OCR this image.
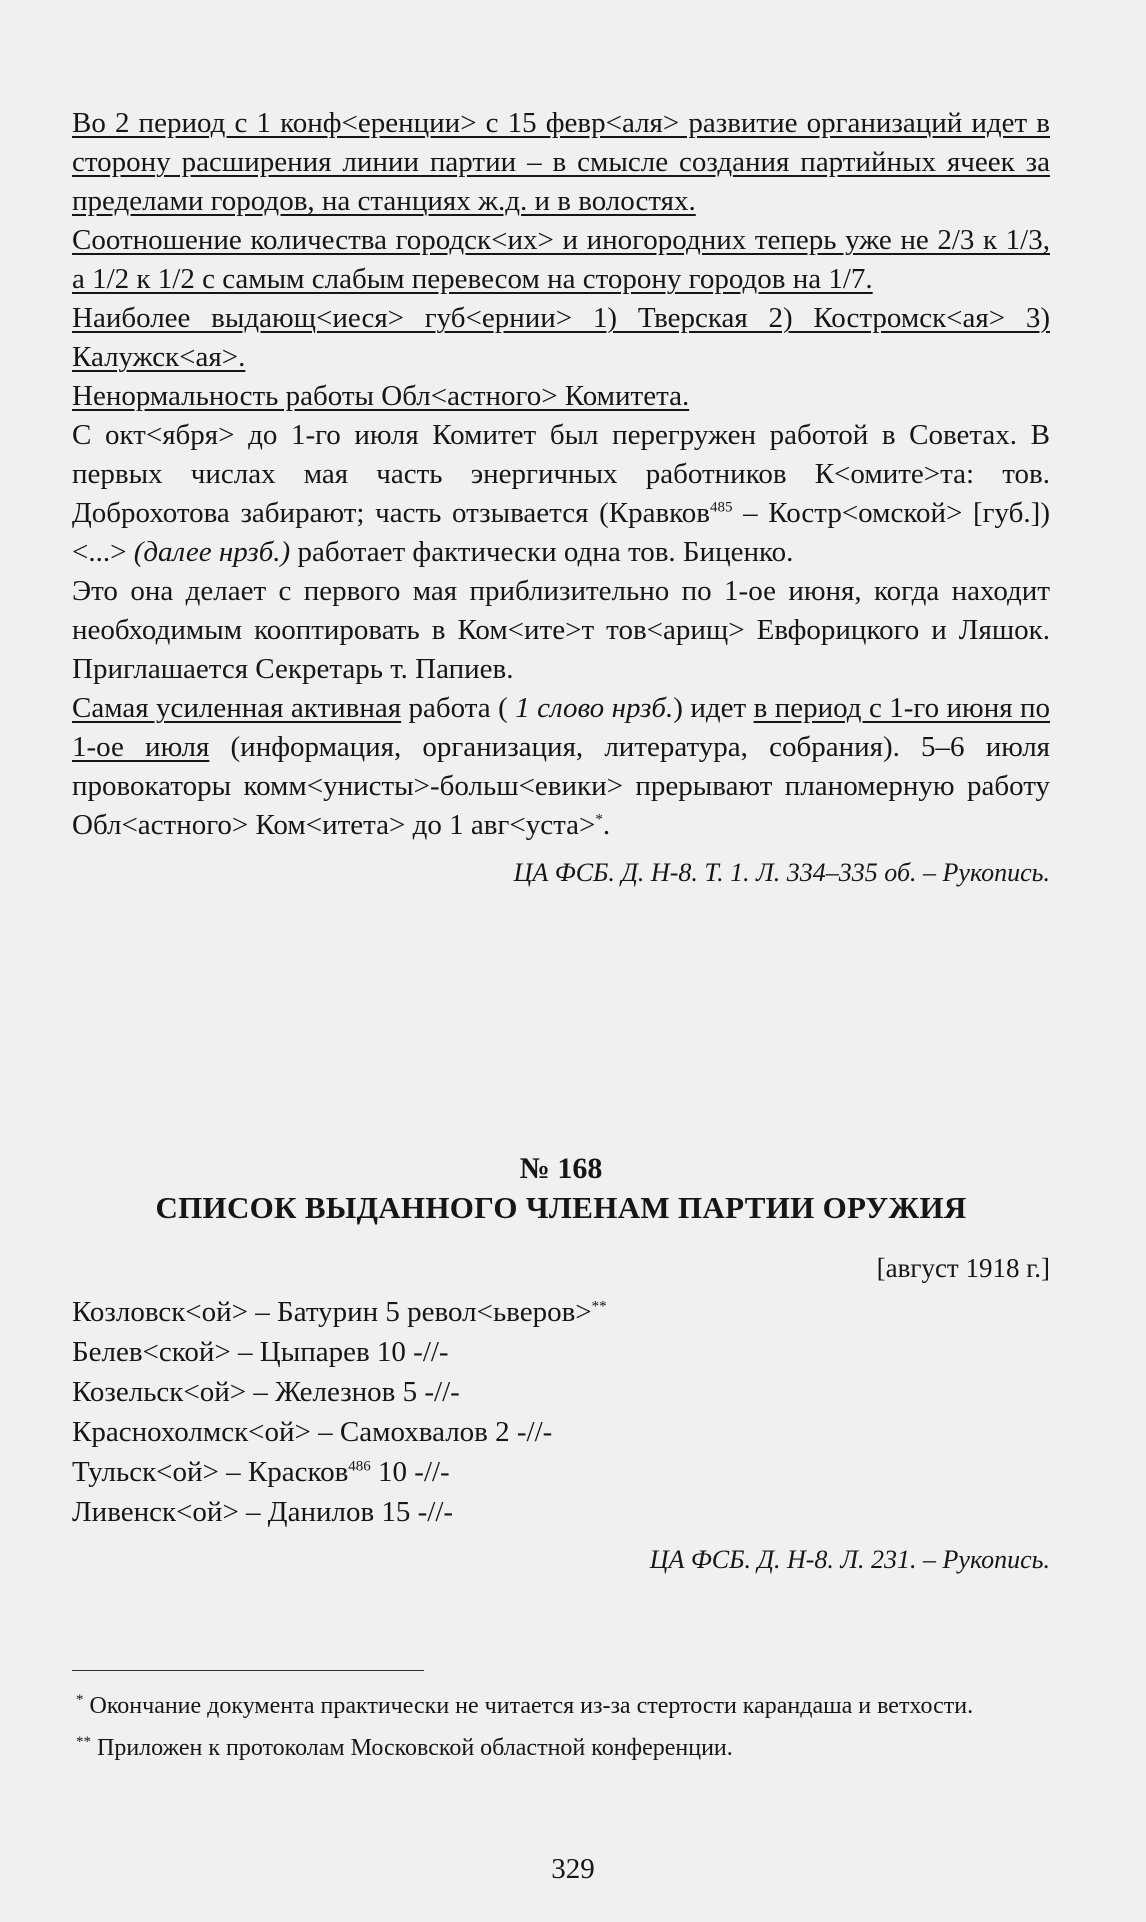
Во 2 период с 1 конф<еренции> с 15 февр<аля> развитие организаций идет в сторону расширения линии партии – в смысле создания партийных ячеек за пределами городов, на станциях ж.д. и в волостях.

Соотношение количества городск<их> и иногородних теперь уже не 2/3 к 1/3, а 1/2 к 1/2 с самым слабым перевесом на сторону городов на 1/7.

Наиболее выдающ<иеся> губ<ернии> 1) Тверская 2) Костромск<ая> 3) Калужск<ая>.

Ненормальность работы Обл<астного> Комитета.

С окт<ября> до 1-го июля Комитет был перегружен работой в Советах. В первых числах мая часть энергичных работников К<омите>та: тов. Доброхотова забирают; часть отзывается (Кравков$^{485}$ – Костр<омской> [губ.]) <...> (далее нрзб.) работает фактически одна тов. Биценко.

Это она делает с первого мая приблизительно по 1-ое июня, когда находит необходимым кооптировать в Ком<ите>т тов<арищ> Евфорицкого и Ляшок. Приглашается Секретарь т. Папиев.

Самая усиленная активная работа ( 1 слово нрзб.) идет в период с 1-го июня по 1-ое июля (информация, организация, литература, собрания). 5–6 июля провокаторы комм<унисты>-больш<евики> прерывают планомерную работу Обл<астного> Ком<итета> до 1 авг<уста>*.

ЦА ФСБ. Д. Н-8. Т. 1. Л. 334–335 об. – Рукопись.

№ 168

СПИСОК ВЫДАННОГО ЧЛЕНАМ ПАРТИИ ОРУЖИЯ

[август 1918 г.]

Козловск<ой> – Батурин 5 револ<ьверов>**

Белев<ской> – Цыпарев 10 -//-

Козельск<ой> – Железнов 5 -//-

Краснохолмск<ой> – Самохвалов 2 -//-

Тульск<ой> – Красков$^{486}$ 10 -//-

Ливенск<ой> – Данилов 15 -//-

ЦА ФСБ. Д. Н-8. Л. 231. – Рукопись.

* Окончание документа практически не читается из-за стертости карандаша и ветхости.

** Приложен к протоколам Московской областной конференции.

329
